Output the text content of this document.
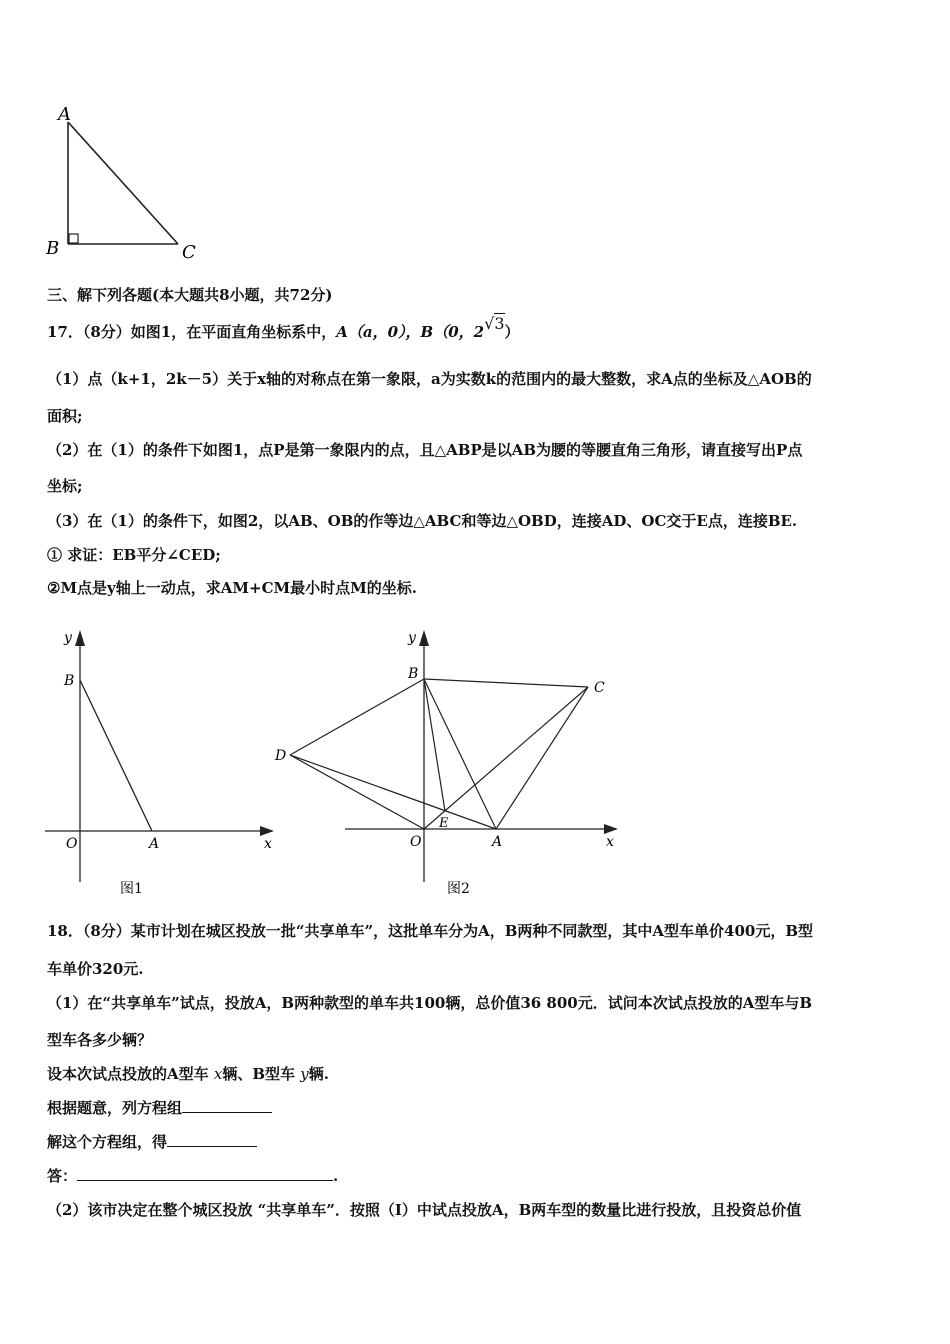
A
B	C
三、解下列各题(本大题共8小题，共72分)
17．（8分）如图1，在平面直角坐标系中，A（a，0），B（0，2√3）
（1）点（k+1，2k－5）关于x轴的对称点在第一象限，a为实数k的范围内的最大整数，求A点的坐标及△AOB的
面积;
（2）在（1）的条件下如图1，点P是第一象限内的点，且△ABP是以AB为腰的等腰直角三角形，请直接写出P点
坐标;
（3）在（1）的条件下，如图2，以AB、OB的作等边△ABC和等边△OBD，连接AD、OC交于E点，连接BE.
① 求证：EB平分∠CED;
②M点是y轴上一动点，求AM+CM最小时点M的坐标.
y
B
O	A	x
图1
y
B
C
D
E
O	A	x
图2
18．（8分）某市计划在城区投放一批“共享单车”，这批单车分为A，B两种不同款型，其中A型车单价400元，B型
车单价320元.
（1）在“共享单车”试点，投放A，B两种款型的单车共100辆，总价值36 800元．试问本次试点投放的A型车与B
型车各多少辆？
设本次试点投放的A型车 x辆、B型车 y辆.
根据题意，列方程组
解这个方程组，得
答：	.
（2）该市决定在整个城区投放 “共享单车”．按照（Ⅰ）中试点投放A，B两车型的数量比进行投放，且投资总价值
